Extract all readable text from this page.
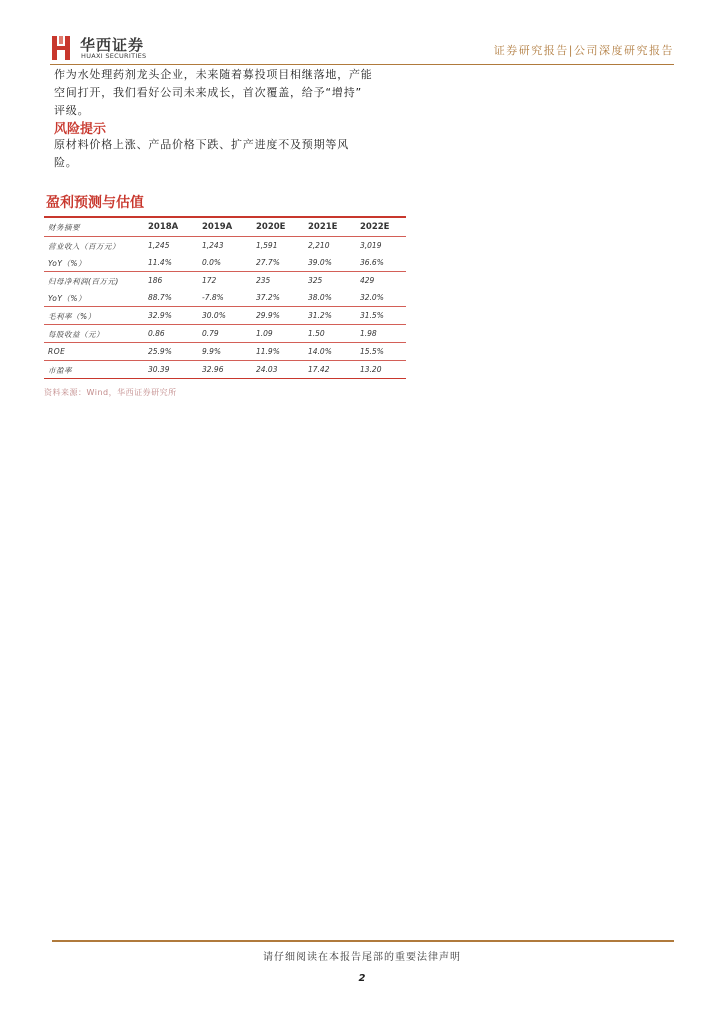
华西证券
HUAXI SECURITIES	证券研究报告|公司深度研究报告
作为水处理药剂龙头企业，未来随着募投项目相继落地，产能
空间打开，我们看好公司未来成长，首次覆盖，给予“增持”
评级。
风险提示
原材料价格上涨、产品价格下跌、扩产进度不及预期等风
险。
盈利预测与估值
财务摘要	2018A	2019A	2020E	2021E	2022E
营业收入（百万元）	1,245	1,243	1,591	2,210	3,019
YoY（%）	11.4%	0.0%	27.7%	39.0%	36.6%
归母净利润(百万元)	186	172	235	325	429
YoY（%）	88.7%	-7.8%	37.2%	38.0%	32.0%
毛利率（%）	32.9%	30.0%	29.9%	31.2%	31.5%
每股收益（元）	0.86	0.79	1.09	1.50	1.98
ROE	25.9%	9.9%	11.9%	14.0%	15.5%
市盈率	30.39	32.96	24.03	17.42	13.20
资料来源：Wind，华西证券研究所
请仔细阅读在本报告尾部的重要法律声明
2
